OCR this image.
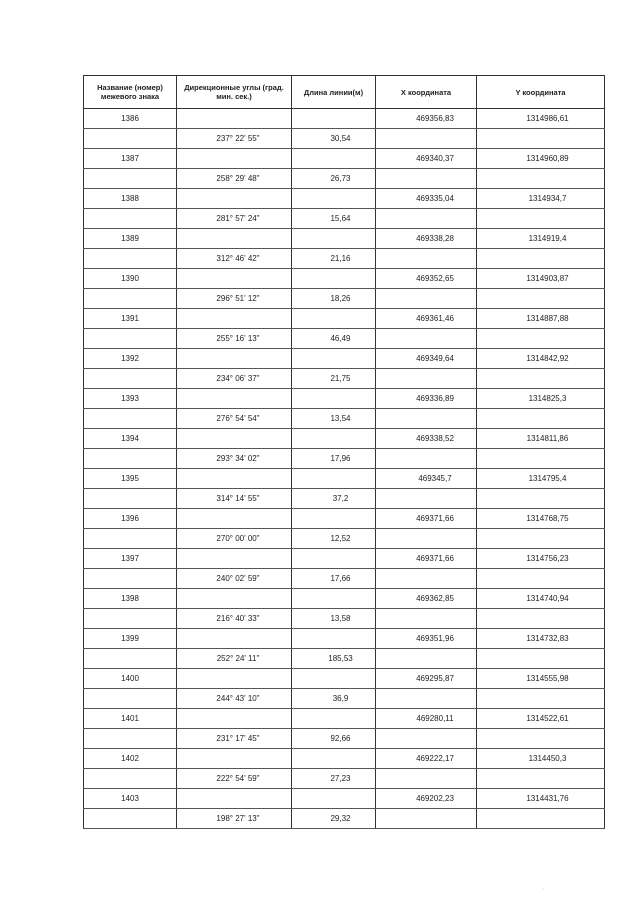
Название (номер) межевого знака	Дирекционные углы (град. мин. сек.)	Длина линии(м)	X координата	Y координата
1386			469356,83	1314986,61
	237° 22' 55"	30,54		
1387			469340,37	1314960,89
	258° 29' 48"	26,73		
1388			469335,04	1314934,7
	281° 57' 24"	15,64		
1389			469338,28	1314919,4
	312° 46' 42"	21,16		
1390			469352,65	1314903,87
	296° 51' 12"	18,26		
1391			469361,46	1314887,88
	255° 16' 13"	46,49		
1392			469349,64	1314842,92
	234° 06' 37"	21,75		
1393			469336,89	1314825,3
	276° 54' 54"	13,54		
1394			469338,52	1314811,86
	293° 34' 02"	17,96		
1395			469345,7	1314795,4
	314° 14' 55"	37,2		
1396			469371,66	1314768,75
	270° 00' 00"	12,52		
1397			469371,66	1314756,23
	240° 02' 59"	17,66		
1398			469362,85	1314740,94
	216° 40' 33"	13,58		
1399			469351,96	1314732,83
	252° 24' 11"	185,53		
1400			469295,87	1314555,98
	244° 43' 10"	36,9		
1401			469280,11	1314522,61
	231° 17' 45"	92,66		
1402			469222,17	1314450,3
	222° 54' 59"	27,23		
1403			469202,23	1314431,76
	198° 27' 13"	29,32		
.
